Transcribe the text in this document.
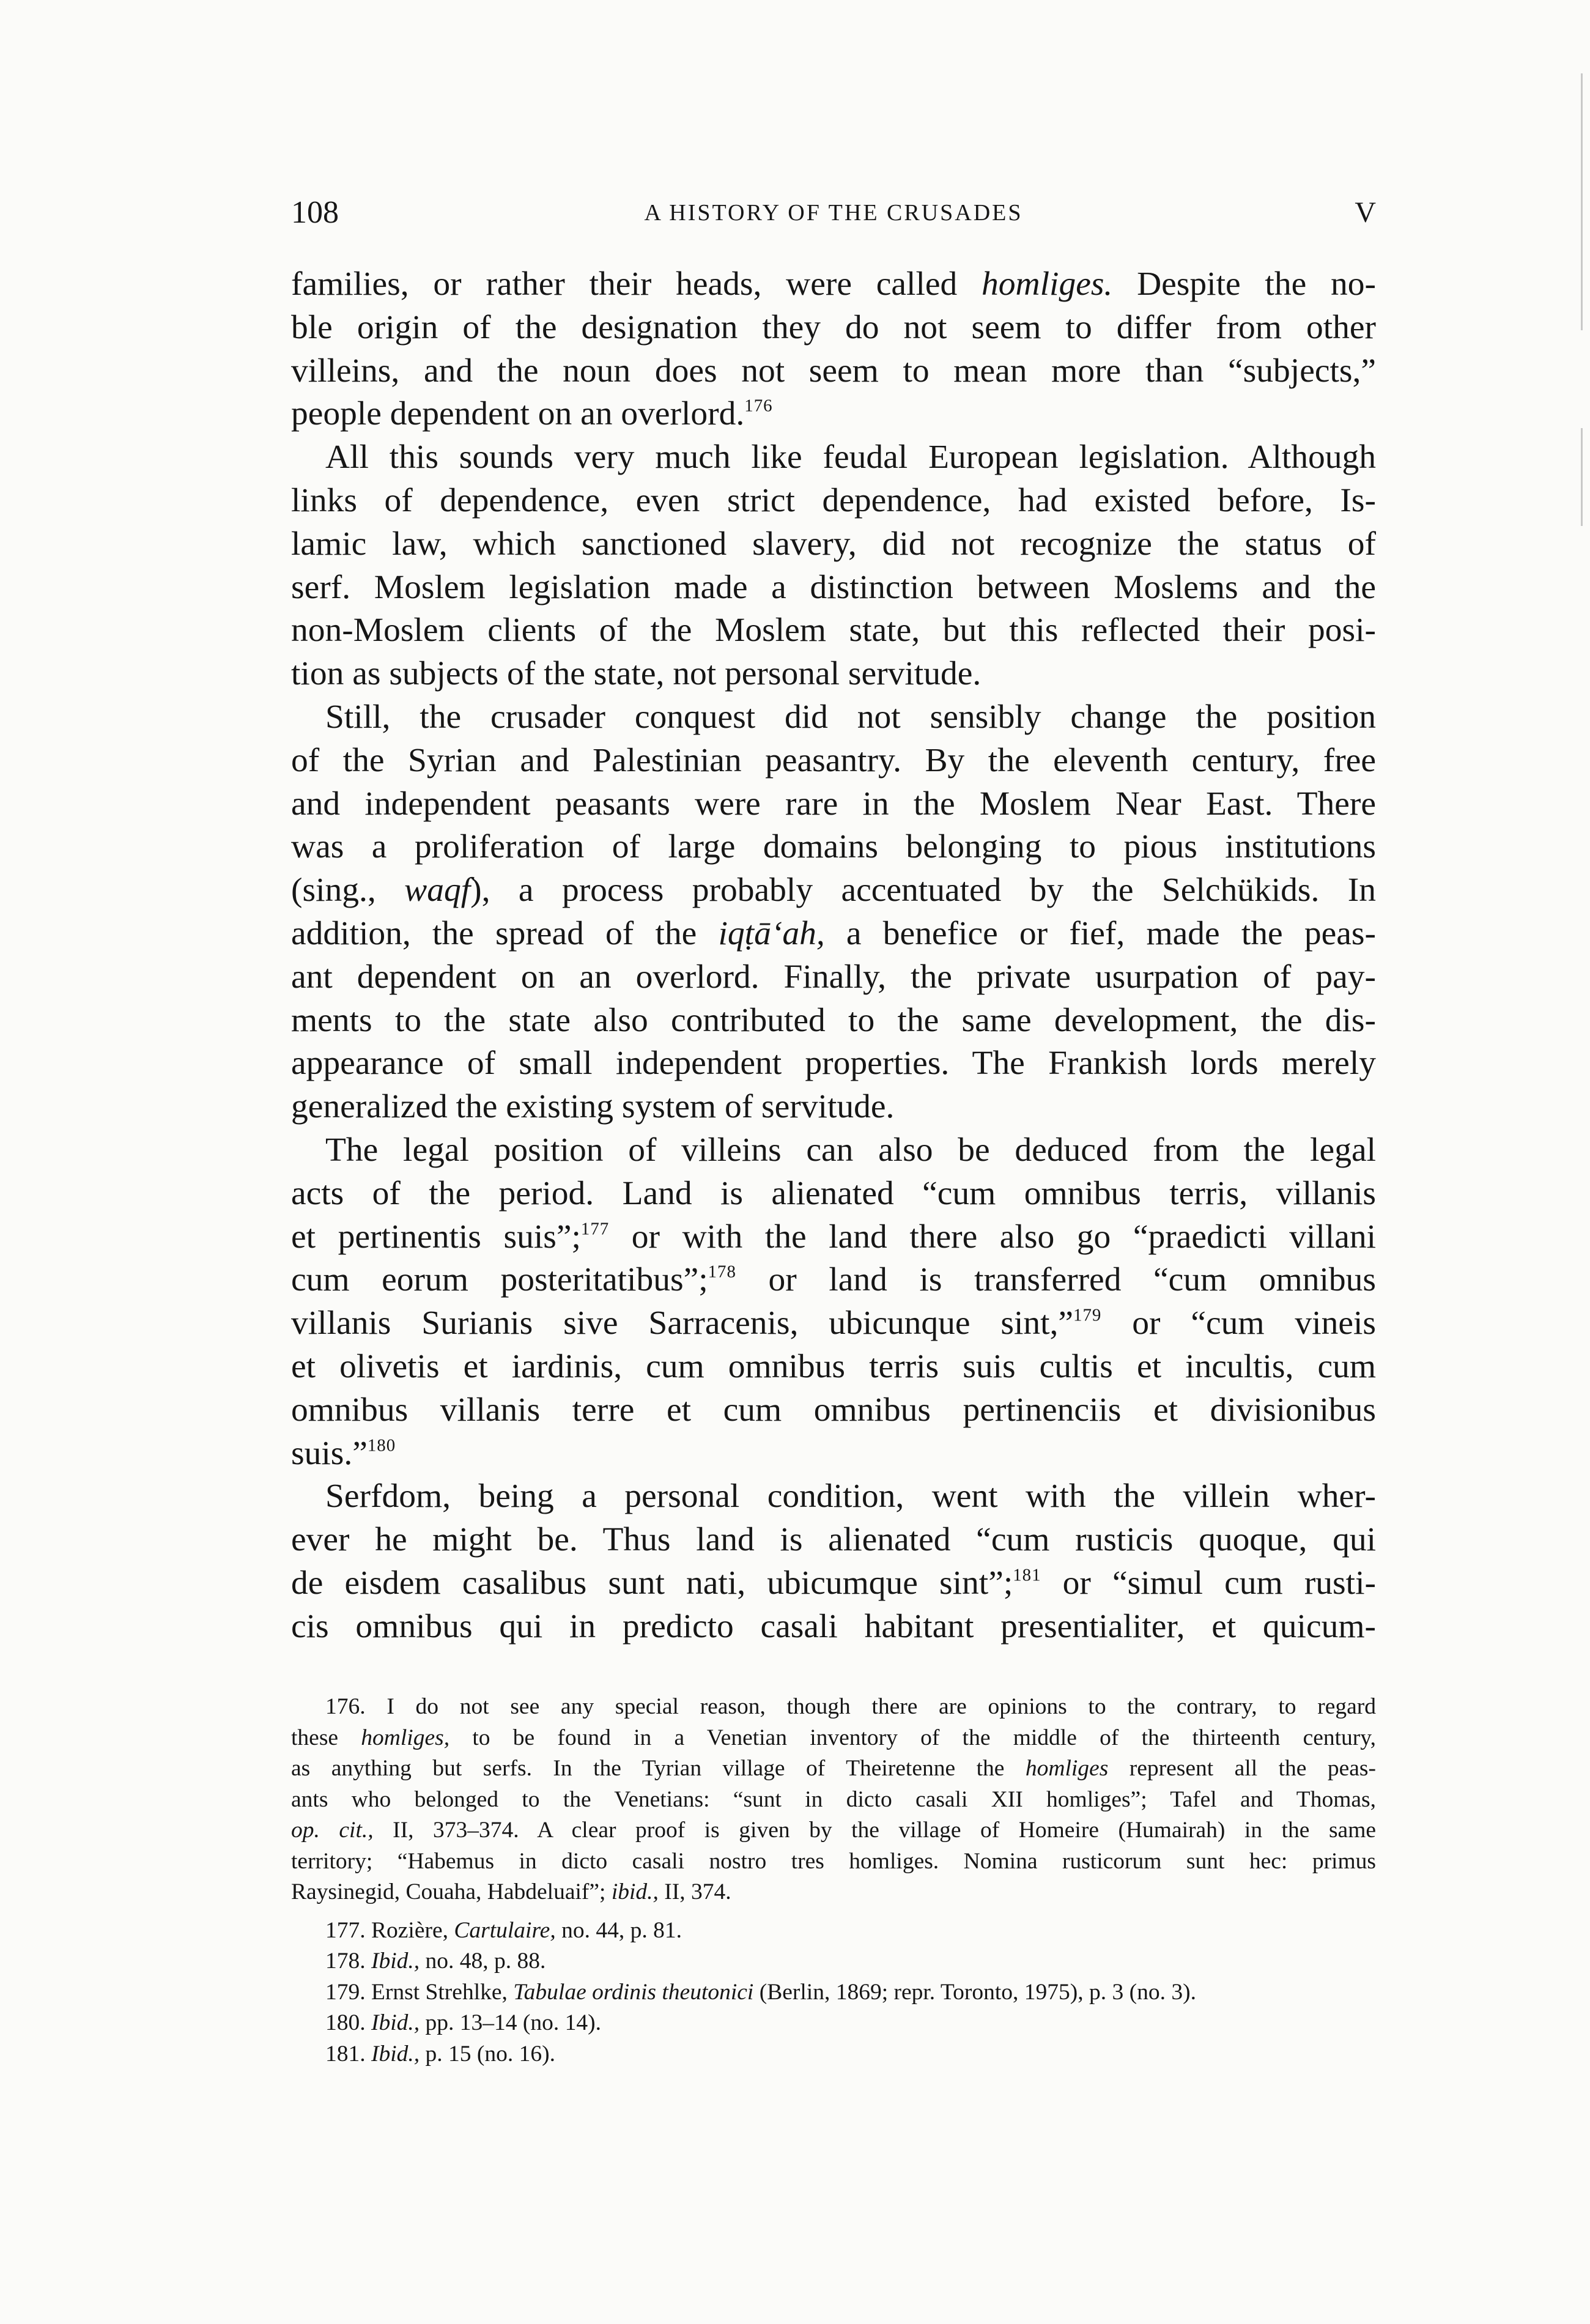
108	A HISTORY OF THE CRUSADES	V
families, or rather their heads, were called homliges. Despite the no-
ble origin of the designation they do not seem to differ from other
villeins, and the noun does not seem to mean more than “subjects,”
people dependent on an overlord.$^{176}$
All this sounds very much like feudal European legislation. Although
links of dependence, even strict dependence, had existed before, Is-
lamic law, which sanctioned slavery, did not recognize the status of
serf. Moslem legislation made a distinction between Moslems and the
non-Moslem clients of the Moslem state, but this reflected their posi-
tion as subjects of the state, not personal servitude.
Still, the crusader conquest did not sensibly change the position
of the Syrian and Palestinian peasantry. By the eleventh century, free
and independent peasants were rare in the Moslem Near East. There
was a proliferation of large domains belonging to pious institutions
(sing., waqf), a process probably accentuated by the Selchükids. In
addition, the spread of the iqṭā‘ah, a benefice or fief, made the peas-
ant dependent on an overlord. Finally, the private usurpation of pay-
ments to the state also contributed to the same development, the dis-
appearance of small independent properties. The Frankish lords merely
generalized the existing system of servitude.
The legal position of villeins can also be deduced from the legal
acts of the period. Land is alienated “cum omnibus terris, villanis
et pertinentis suis”;$^{177}$ or with the land there also go “praedicti villani
cum eorum posteritatibus”;$^{178}$ or land is transferred “cum omnibus
villanis Surianis sive Sarracenis, ubicunque sint,”$^{179}$ or “cum vineis
et olivetis et iardinis, cum omnibus terris suis cultis et incultis, cum
omnibus villanis terre et cum omnibus pertinenciis et divisionibus
suis.”$^{180}$
Serfdom, being a personal condition, went with the villein wher-
ever he might be. Thus land is alienated “cum rusticis quoque, qui
de eisdem casalibus sunt nati, ubicumque sint”;$^{181}$ or “simul cum rusti-
cis omnibus qui in predicto casali habitant presentialiter, et quicum-
176. I do not see any special reason, though there are opinions to the contrary, to regard
these homliges, to be found in a Venetian inventory of the middle of the thirteenth century,
as anything but serfs. In the Tyrian village of Theiretenne the homliges represent all the peas-
ants who belonged to the Venetians: “sunt in dicto casali XII homliges”; Tafel and Thomas,
op. cit., II, 373–374. A clear proof is given by the village of Homeire (Humairah) in the same
territory; “Habemus in dicto casali nostro tres homliges. Nomina rusticorum sunt hec: primus
Raysinegid, Couaha, Habdeluaif”; ibid., II, 374.
177. Rozière, Cartulaire, no. 44, p. 81.
178. Ibid., no. 48, p. 88.
179. Ernst Strehlke, Tabulae ordinis theutonici (Berlin, 1869; repr. Toronto, 1975), p. 3 (no. 3).
180. Ibid., pp. 13–14 (no. 14).
181. Ibid., p. 15 (no. 16).
